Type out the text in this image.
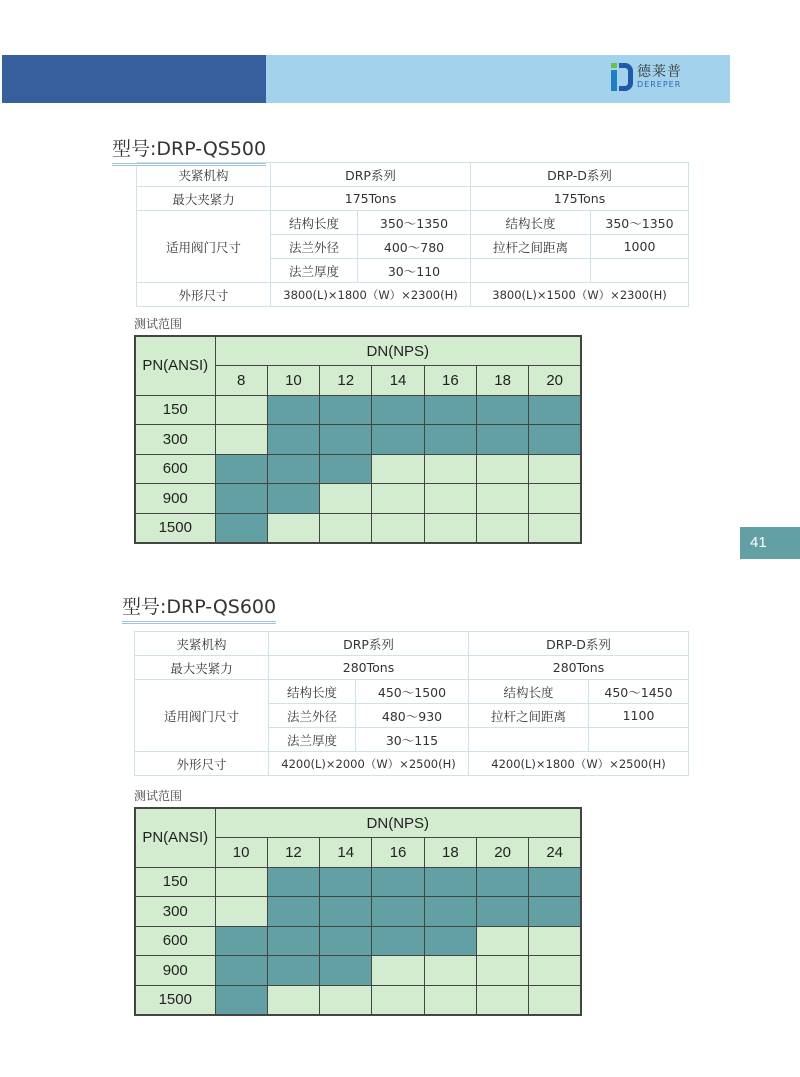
德莱普
DEREPER
型号:DRP-QS500
夹紧机构	DRP系列		DRP-D系列	
最大夹紧力	175Tons		175Tons	
适用阀门尺寸	结构长度	350～1350	结构长度	350～1350
	法兰外径	400～780	拉杆之间距离	1000
	法兰厚度	30～110		
外形尺寸	3800(L)×1800（W）×2300(H)		3800(L)×1500（W）×2300(H)	
测试范围
PN(ANSI)	DN(NPS)						
	8	10	12	14	16	18	20
150							
300							
600							
900							
1500							
型号:DRP-QS600
夹紧机构	DRP系列		DRP-D系列	
最大夹紧力	280Tons		280Tons	
适用阀门尺寸	结构长度	450～1500	结构长度	450～1450
	法兰外径	480～930	拉杆之间距离	1100
	法兰厚度	30～115		
外形尺寸	4200(L)×2000（W）×2500(H)		4200(L)×1800（W）×2500(H)	
测试范围
PN(ANSI)	DN(NPS)						
	10	12	14	16	18	20	24
150							
300							
600							
900							
1500							
41
